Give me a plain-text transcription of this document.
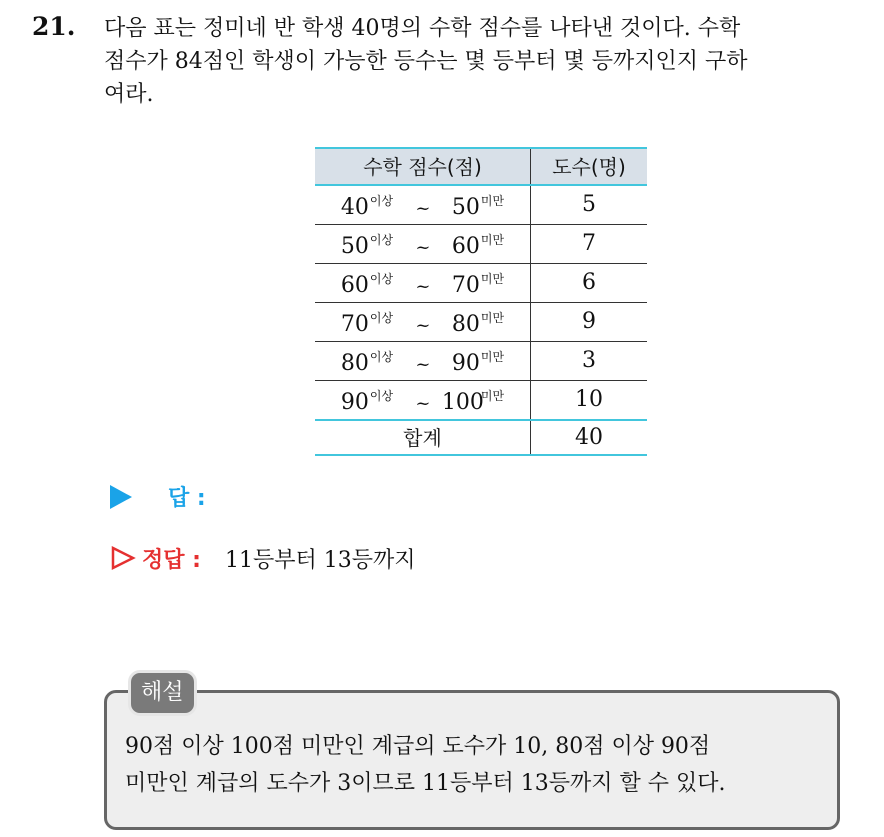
21. 다음 표는 정미네 반 학생 40명의 수학 점수를 나타낸 것이다. 수학
점수가 84점인 학생이 가능한 등수는 몇 등부터 몇 등까지인지 구하
여라.
수학 점수(점)	도수(명)
$40^{이상}$ ~ $50^{미만}$	5
$50^{이상}$ ~ $60^{미만}$	7
$60^{이상}$ ~ $70^{미만}$	6
$70^{이상}$ ~ $80^{미만}$	9
$80^{이상}$ ~ $90^{미만}$	3
$90^{이상}$ ~ $100^{미만}$	10
합계	40
답 :
정답 : 11등부터 13등까지
해설
90점 이상 100점 미만인 계급의 도수가 10, 80점 이상 90점
미만인 계급의 도수가 3이므로 11등부터 13등까지 할 수 있다.
